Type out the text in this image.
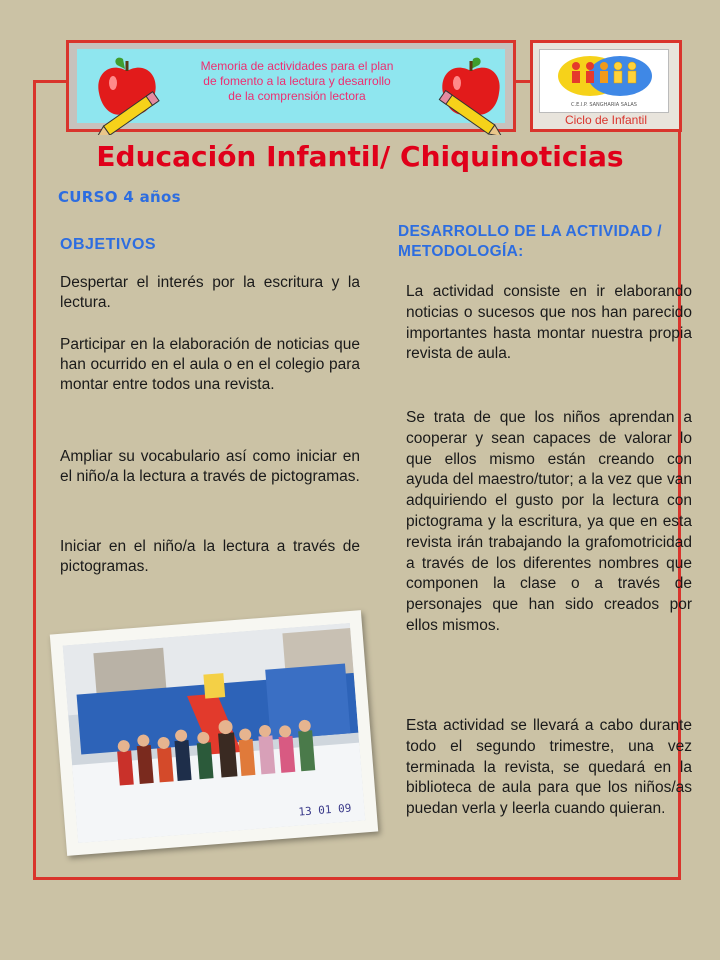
Memoria de actividades para el plan de fomento a la lectura y desarrollo de la comprensión lectora
C.E.I.P. SANGHARIA SALAS
Ciclo de Infantil
Educación Infantil/ Chiquinoticias
CURSO 4 años
OBJETIVOS

Despertar el interés por la escritura y la lectura.

Participar en la elaboración de noticias que han ocurrido en el aula o en el colegio para montar entre todos una revista.

Ampliar su vocabulario así como iniciar en el niño/a la lectura a través de pictogramas.

Iniciar en el niño/a la lectura a través de pictogramas.

DESARROLLO DE LA ACTIVIDAD / METODOLOGÍA:

La actividad consiste en ir elaborando noticias o sucesos que nos han parecido importantes hasta montar nuestra propia revista de aula.

Se trata de que los niños aprendan a cooperar y sean capaces de valorar lo que ellos mismo están creando con ayuda del maestro/tutor; a la vez que van adquiriendo el gusto por la lectura con pictograma y la escritura, ya que en esta revista irán trabajando la grafomotricidad a través de los diferentes nombres que componen la clase o a través de personajes que han sido creados por ellos mismos.

Esta actividad se llevará a cabo durante todo el segundo trimestre, una vez terminada la revista, se quedará en la biblioteca de aula para que los niños/as puedan verla y leerla cuando quieran.

13 01 09
